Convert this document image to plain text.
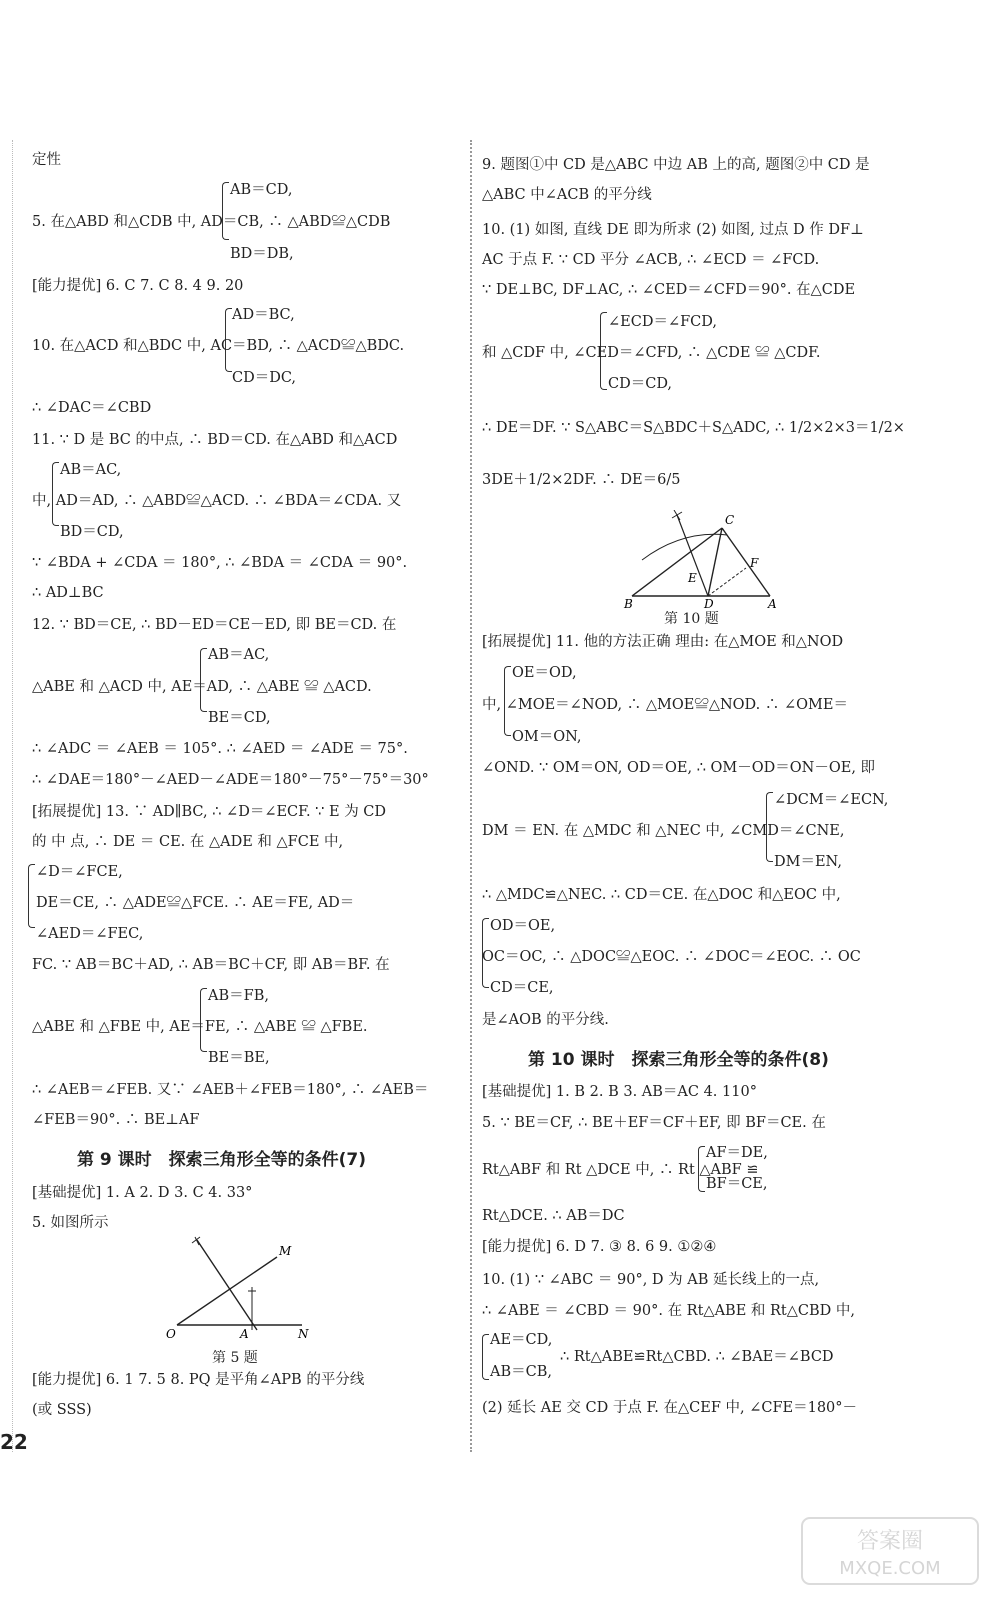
定性
AB＝CD,
5. 在△ABD 和△CDB 中, AD＝CB, ∴ △ABD≌△CDB
BD＝DB,
[能力提优] 6. C 7. C 8. 4 9. 20
AD＝BC,
10. 在△ACD 和△BDC 中, AC＝BD, ∴ △ACD≌△BDC.
CD＝DC,
∴ ∠DAC＝∠CBD
11. ∵ D 是 BC 的中点, ∴ BD＝CD. 在△ABD 和△ACD
AB＝AC,
中, AD＝AD, ∴ △ABD≌△ACD. ∴ ∠BDA＝∠CDA. 又
BD＝CD,
∵ ∠BDA + ∠CDA ＝ 180°, ∴ ∠BDA ＝ ∠CDA ＝ 90°.
∴ AD⊥BC
12. ∵ BD＝CE, ∴ BD－ED＝CE－ED, 即 BE＝CD. 在
AB＝AC,
△ABE 和 △ACD 中, AE＝AD, ∴ △ABE ≌ △ACD.
BE＝CD,
∴ ∠ADC ＝ ∠AEB ＝ 105°. ∴ ∠AED ＝ ∠ADE ＝ 75°.
∴ ∠DAE＝180°－∠AED－∠ADE＝180°－75°－75°＝30°
[拓展提优] 13. ∵ AD∥BC, ∴ ∠D＝∠ECF. ∵ E 为 CD
的 中 点, ∴ DE ＝ CE. 在 △ADE 和 △FCE 中,
∠D＝∠FCE,
DE＝CE, ∴ △ADE≌△FCE. ∴ AE＝FE, AD＝
∠AED＝∠FEC,
FC. ∵ AB＝BC＋AD, ∴ AB＝BC＋CF, 即 AB＝BF. 在
AB＝FB,
△ABE 和 △FBE 中, AE＝FE, ∴ △ABE ≌ △FBE.
BE＝BE,
∴ ∠AEB＝∠FEB. 又∵ ∠AEB＋∠FEB＝180°, ∴ ∠AEB＝
∠FEB＝90°. ∴ BE⊥AF
第 9 课时　探索三角形全等的条件(7)
[基础提优] 1. A 2. D 3. C 4. 33°
5. 如图所示
O	A	N
M
第 5 题
[能力提优] 6. 1 7. 5 8. PQ 是平角∠APB 的平分线
(或 SSS)
9. 题图①中 CD 是△ABC 中边 AB 上的高, 题图②中 CD 是
△ABC 中∠ACB 的平分线
10. (1) 如图, 直线 DE 即为所求 (2) 如图, 过点 D 作 DF⊥
AC 于点 F. ∵ CD 平分 ∠ACB, ∴ ∠ECD ＝ ∠FCD.
∵ DE⊥BC, DF⊥AC, ∴ ∠CED＝∠CFD＝90°. 在△CDE
∠ECD＝∠FCD,
和 △CDF 中, ∠CED＝∠CFD, ∴ △CDE ≌ △CDF.
CD＝CD,
∴ DE＝DF. ∵ S△ABC＝S△BDC＋S△ADC, ∴ 1/2×2×3＝1/2×
3DE＋1/2×2DF. ∴ DE＝6/5
C
F
E
B	D	A
第 10 题
[拓展提优] 11. 他的方法正确 理由: 在△MOE 和△NOD
OE＝OD,
中, ∠MOE＝∠NOD, ∴ △MOE≌△NOD. ∴ ∠OME＝
OM＝ON,
∠OND. ∵ OM＝ON, OD＝OE, ∴ OM－OD＝ON－OE, 即
∠DCM＝∠ECN,
DM ＝ EN. 在 △MDC 和 △NEC 中, ∠CMD＝∠CNE,
DM＝EN,
∴ △MDC≌△NEC. ∴ CD＝CE. 在△DOC 和△EOC 中,
OD＝OE,
OC＝OC, ∴ △DOC≌△EOC. ∴ ∠DOC＝∠EOC. ∴ OC
CD＝CE,
是∠AOB 的平分线.
第 10 课时　探索三角形全等的条件(8)
[基础提优] 1. B 2. B 3. AB＝AC 4. 110°
5. ∵ BE＝CF, ∴ BE＋EF＝CF＋EF, 即 BF＝CE. 在
AF＝DE,
Rt△ABF 和 Rt △DCE 中, ∴ Rt △ABF ≌
BF＝CE,
Rt△DCE. ∴ AB＝DC
[能力提优] 6. D 7. ③ 8. 6 9. ①②④
10. (1) ∵ ∠ABC ＝ 90°, D 为 AB 延长线上的一点,
∴ ∠ABE ＝ ∠CBD ＝ 90°. 在 Rt△ABE 和 Rt△CBD 中,
AE＝CD,
∴ Rt△ABE≌Rt△CBD. ∴ ∠BAE＝∠BCD
AB＝CB,
(2) 延长 AE 交 CD 于点 F. 在△CEF 中, ∠CFE＝180°－
22
答案圈
MXQE.COM
